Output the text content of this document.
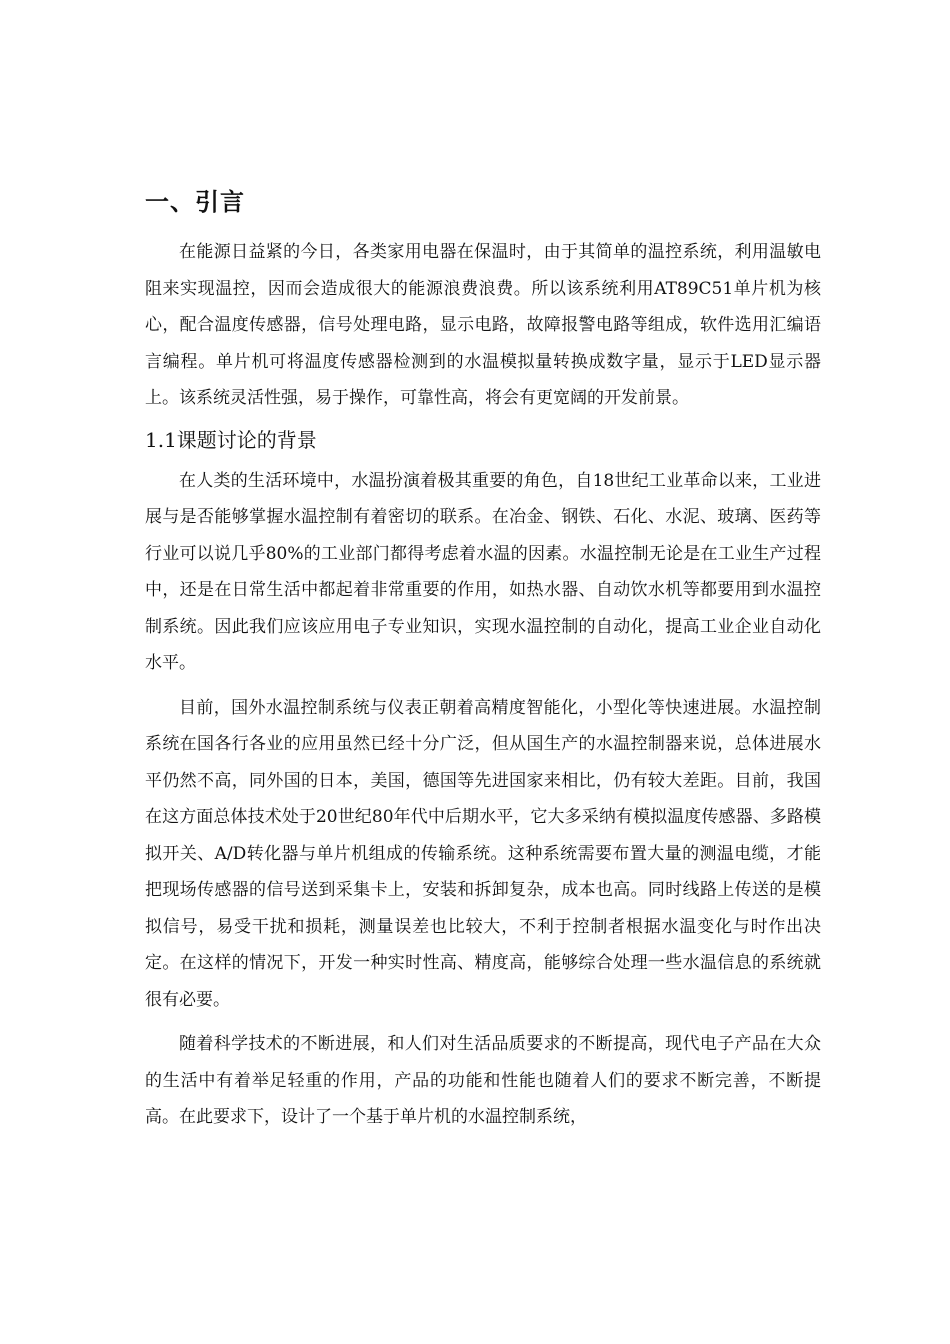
一、引言

在能源日益紧的今日，各类家用电器在保温时，由于其简单的温控系统，利用温敏电阻来实现温控，因而会造成很大的能源浪费浪费。所以该系统利用AT89C51单片机为核心，配合温度传感器，信号处理电路，显示电路，故障报警电路等组成，软件选用汇编语言编程。单片机可将温度传感器检测到的水温模拟量转换成数字量，显示于LED显示器上。该系统灵活性强，易于操作，可靠性高，将会有更宽阔的开发前景。

1.1课题讨论的背景

在人类的生活环境中，水温扮演着极其重要的角色，自18世纪工业革命以来，工业进展与是否能够掌握水温控制有着密切的联系。在冶金、钢铁、石化、水泥、玻璃、医药等行业可以说几乎80%的工业部门都得考虑着水温的因素。水温控制无论是在工业生产过程中，还是在日常生活中都起着非常重要的作用，如热水器、自动饮水机等都要用到水温控制系统。因此我们应该应用电子专业知识，实现水温控制的自动化，提高工业企业自动化水平。

目前，国外水温控制系统与仪表正朝着高精度智能化，小型化等快速进展。水温控制系统在国各行各业的应用虽然已经十分广泛，但从国生产的水温控制器来说，总体进展水平仍然不高，同外国的日本，美国，德国等先进国家来相比，仍有较大差距。目前，我国在这方面总体技术处于20世纪80年代中后期水平，它大多采纳有模拟温度传感器、多路模拟开关、A/D转化器与单片机组成的传输系统。这种系统需要布置大量的测温电缆，才能把现场传感器的信号送到采集卡上，安装和拆卸复杂，成本也高。同时线路上传送的是模拟信号，易受干扰和损耗，测量误差也比较大，不利于控制者根据水温变化与时作出决定。在这样的情况下，开发一种实时性高、精度高，能够综合处理一些水温信息的系统就很有必要。

随着科学技术的不断进展，和人们对生活品质要求的不断提高，现代电子产品在大众的生活中有着举足轻重的作用，产品的功能和性能也随着人们的要求不断完善，不断提高。在此要求下，设计了一个基于单片机的水温控制系统，
